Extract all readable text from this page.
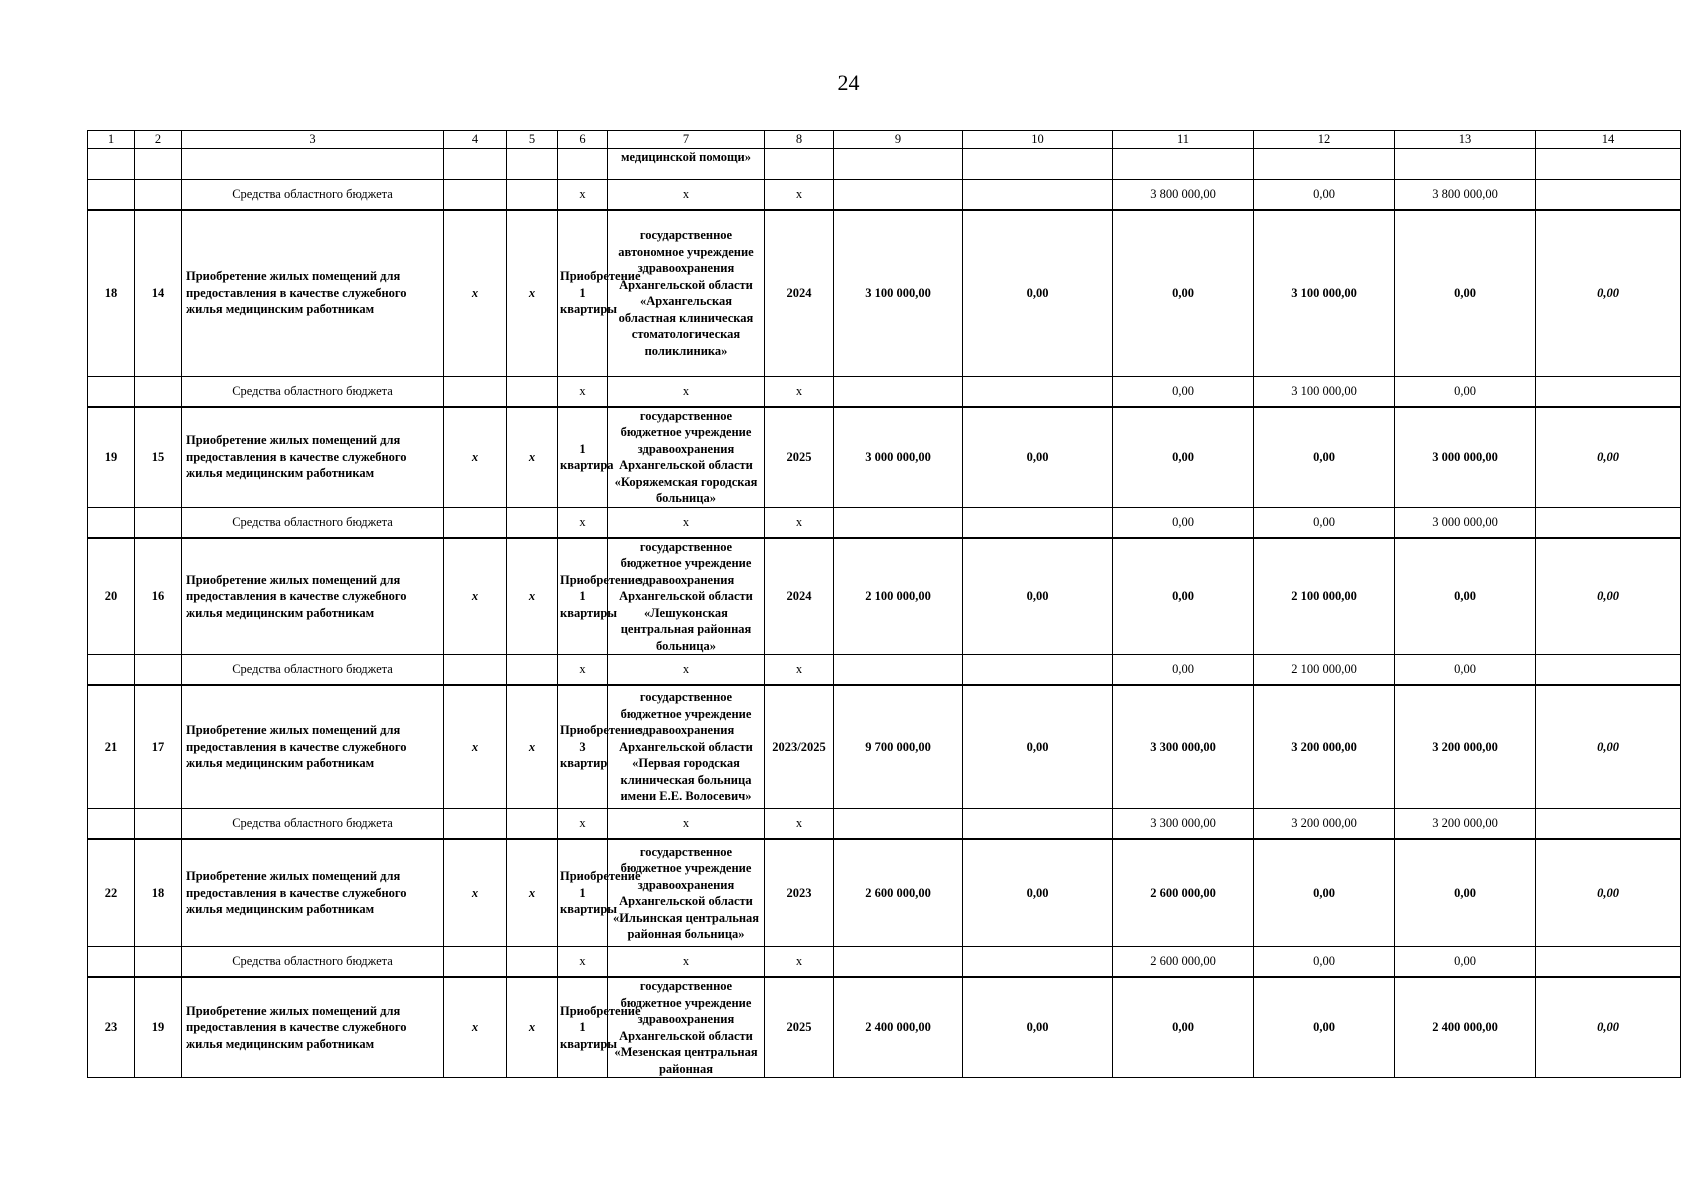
24
1	2	3	4	5	6	7	8	9	10	11	12	13	14
						медицинской помощи»							
		Средства областного бюджета			х	х	х			3 800 000,00	0,00	3 800 000,00	
18	14	Приобретение жилых помещений для предоставления в качестве служебного жилья медицинским работникам	х	х	Приобретение 1 квартиры	государственное автономное учреждение здравоохранения Архангельской области «Архангельская областная клиническая стоматологическая поликлиника»	2024	3 100 000,00	0,00	0,00	3 100 000,00	0,00	0,00
		Средства областного бюджета			х	х	х			0,00	3 100 000,00	0,00	
19	15	Приобретение жилых помещений для предоставления в качестве служебного жилья медицинским работникам	х	х	1 квартира	государственное бюджетное учреждение здравоохранения Архангельской области «Коряжемская городская больница»	2025	3 000 000,00	0,00	0,00	0,00	3 000 000,00	0,00
		Средства областного бюджета			х	х	х			0,00	0,00	3 000 000,00	
20	16	Приобретение жилых помещений для предоставления в качестве служебного жилья медицинским работникам	х	х	Приобретение 1 квартиры	государственное бюджетное учреждение здравоохранения Архангельской области «Лешуконская центральная районная больница»	2024	2 100 000,00	0,00	0,00	2 100 000,00	0,00	0,00
		Средства областного бюджета			х	х	х			0,00	2 100 000,00	0,00	
21	17	Приобретение жилых помещений для предоставления в качестве служебного жилья медицинским работникам	х	х	Приобретение 3 квартир	государственное бюджетное учреждение здравоохранения Архангельской области «Первая городская клиническая больница имени Е.Е. Волосевич»	2023/2025	9 700 000,00	0,00	3 300 000,00	3 200 000,00	3 200 000,00	0,00
		Средства областного бюджета			х	х	х			3 300 000,00	3 200 000,00	3 200 000,00	
22	18	Приобретение жилых помещений для предоставления в качестве служебного жилья медицинским работникам	х	х	Приобретение 1 квартиры	государственное бюджетное учреждение здравоохранения Архангельской области «Ильинская центральная районная больница»	2023	2 600 000,00	0,00	2 600 000,00	0,00	0,00	0,00
		Средства областного бюджета			х	х	х			2 600 000,00	0,00	0,00	
23	19	Приобретение жилых помещений для предоставления в качестве служебного жилья медицинским работникам	х	х	Приобретение 1 квартиры	государственное бюджетное учреждение здравоохранения Архангельской области «Мезенская центральная районная	2025	2 400 000,00	0,00	0,00	0,00	2 400 000,00	0,00
